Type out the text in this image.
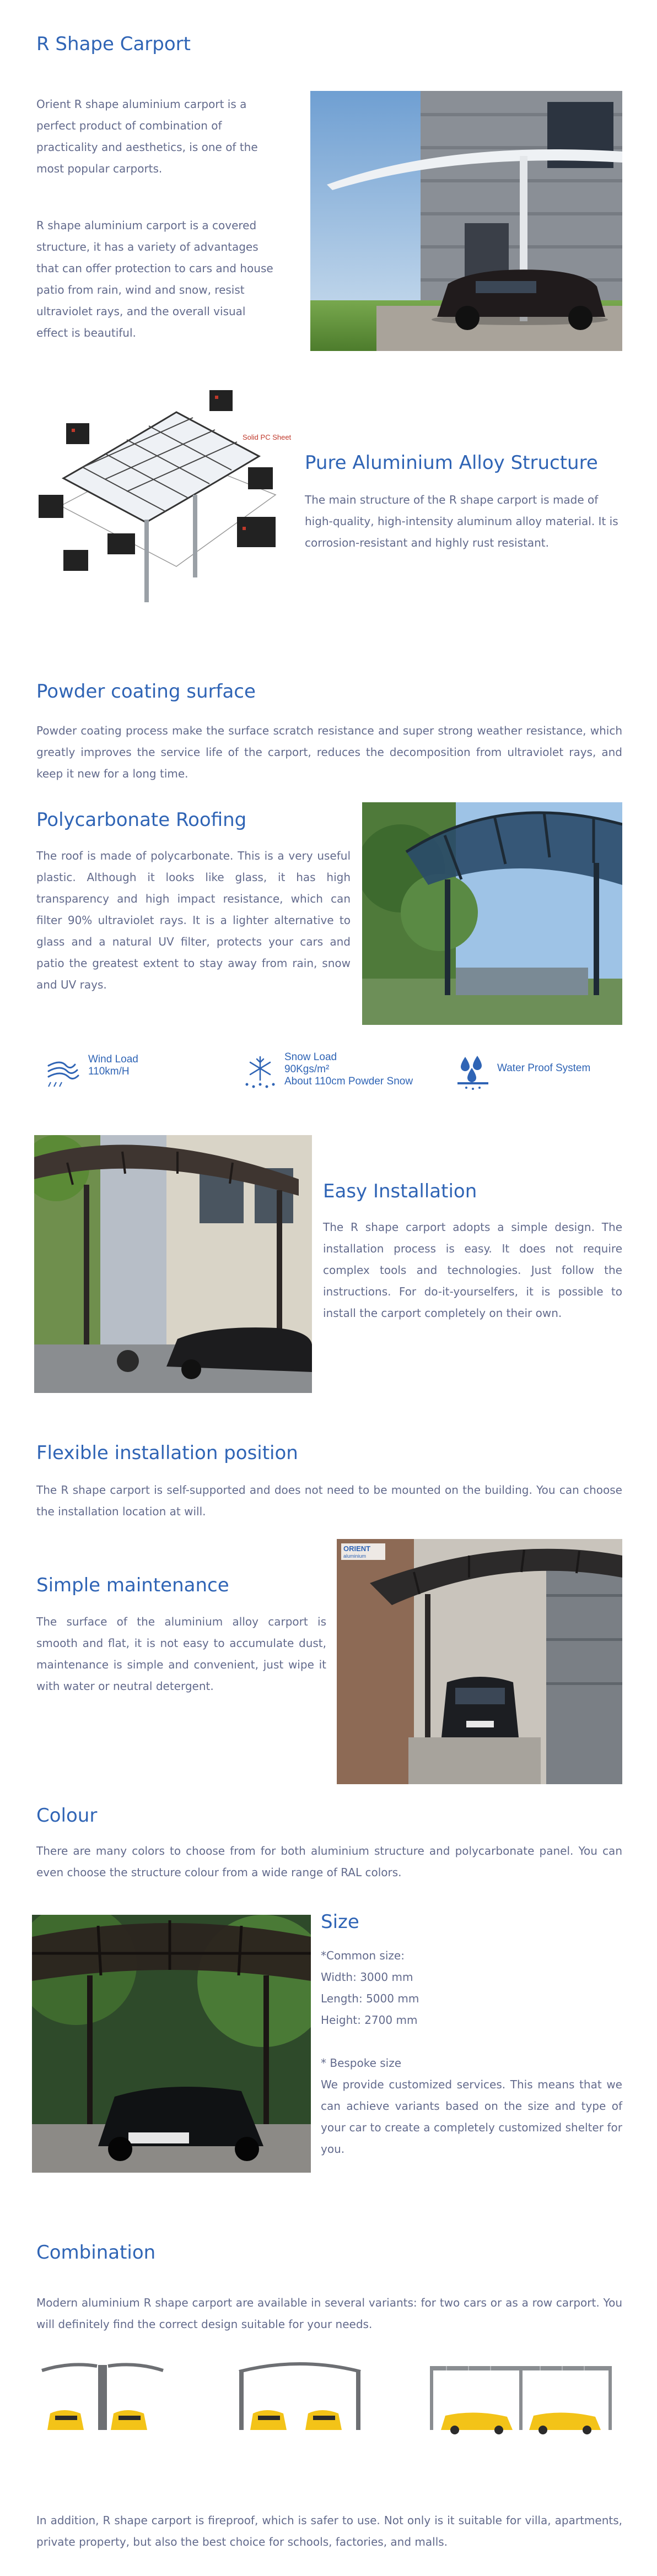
R Shape Carport

Orient R shape aluminium carport is a perfect product of combination of practicality and aesthetics, is one of the most popular carports.

R shape aluminium carport is a covered structure, it has a variety of advantages that can offer protection to cars and house patio from rain, wind and snow, resist ultraviolet rays, and the overall visual effect is beautiful.

Solid PC Sheet
Pure Aluminium Alloy Structure

The main structure of the R shape carport is made of high-quality, high-intensity aluminum alloy material. It is corrosion-resistant and highly rust resistant.

Powder coating surface

Powder coating process make the surface scratch resistance and super strong weather resistance, which greatly improves the service life of the carport, reduces the decomposition from ultraviolet rays, and keep it new for a long time.

Polycarbonate Roofing

The roof is made of polycarbonate. This is a very useful plastic. Although it looks like glass, it has high transparency and high impact resistance, which can filter 90% ultraviolet rays. It is a lighter alternative to glass and a natural UV filter, protects your cars and patio the greatest extent to stay away from rain, snow and UV rays.

Wind Load
110km/H
Snow Load
90Kgs/m²
About 110cm Powder Snow
Water Proof System
Easy Installation

The R shape carport adopts a simple design. The installation process is easy. It does not require complex tools and technologies. Just follow the instructions. For do-it-yourselfers, it is possible to install the carport completely on their own.

Flexible installation position

The R shape carport is self-supported and does not need to be mounted on the building. You can choose the installation location at will.

Simple maintenance

The surface of the aluminium alloy carport is smooth and flat, it is not easy to accumulate dust, maintenance is simple and convenient, just wipe it with water or neutral detergent.

ORIENT
aluminium
Colour

There are many colors to choose from for both aluminium structure and polycarbonate panel. You can even choose the structure colour from a wide range of RAL colors.

Size
*Common size:
Width: 3000 mm
Length: 5000 mm
Height: 2700 mm
* Bespoke size
We provide customized services. This means that we can achieve variants based on the size and type of your car to create a completely customized shelter for you.
Combination

Modern aluminium R shape carport are available in several variants: for two cars or as a row carport. You will definitely find the correct design suitable for your needs.

In addition, R shape carport is fireproof, which is safer to use. Not only is it suitable for villa, apartments, private property, but also the best choice for schools, factories, and malls.
